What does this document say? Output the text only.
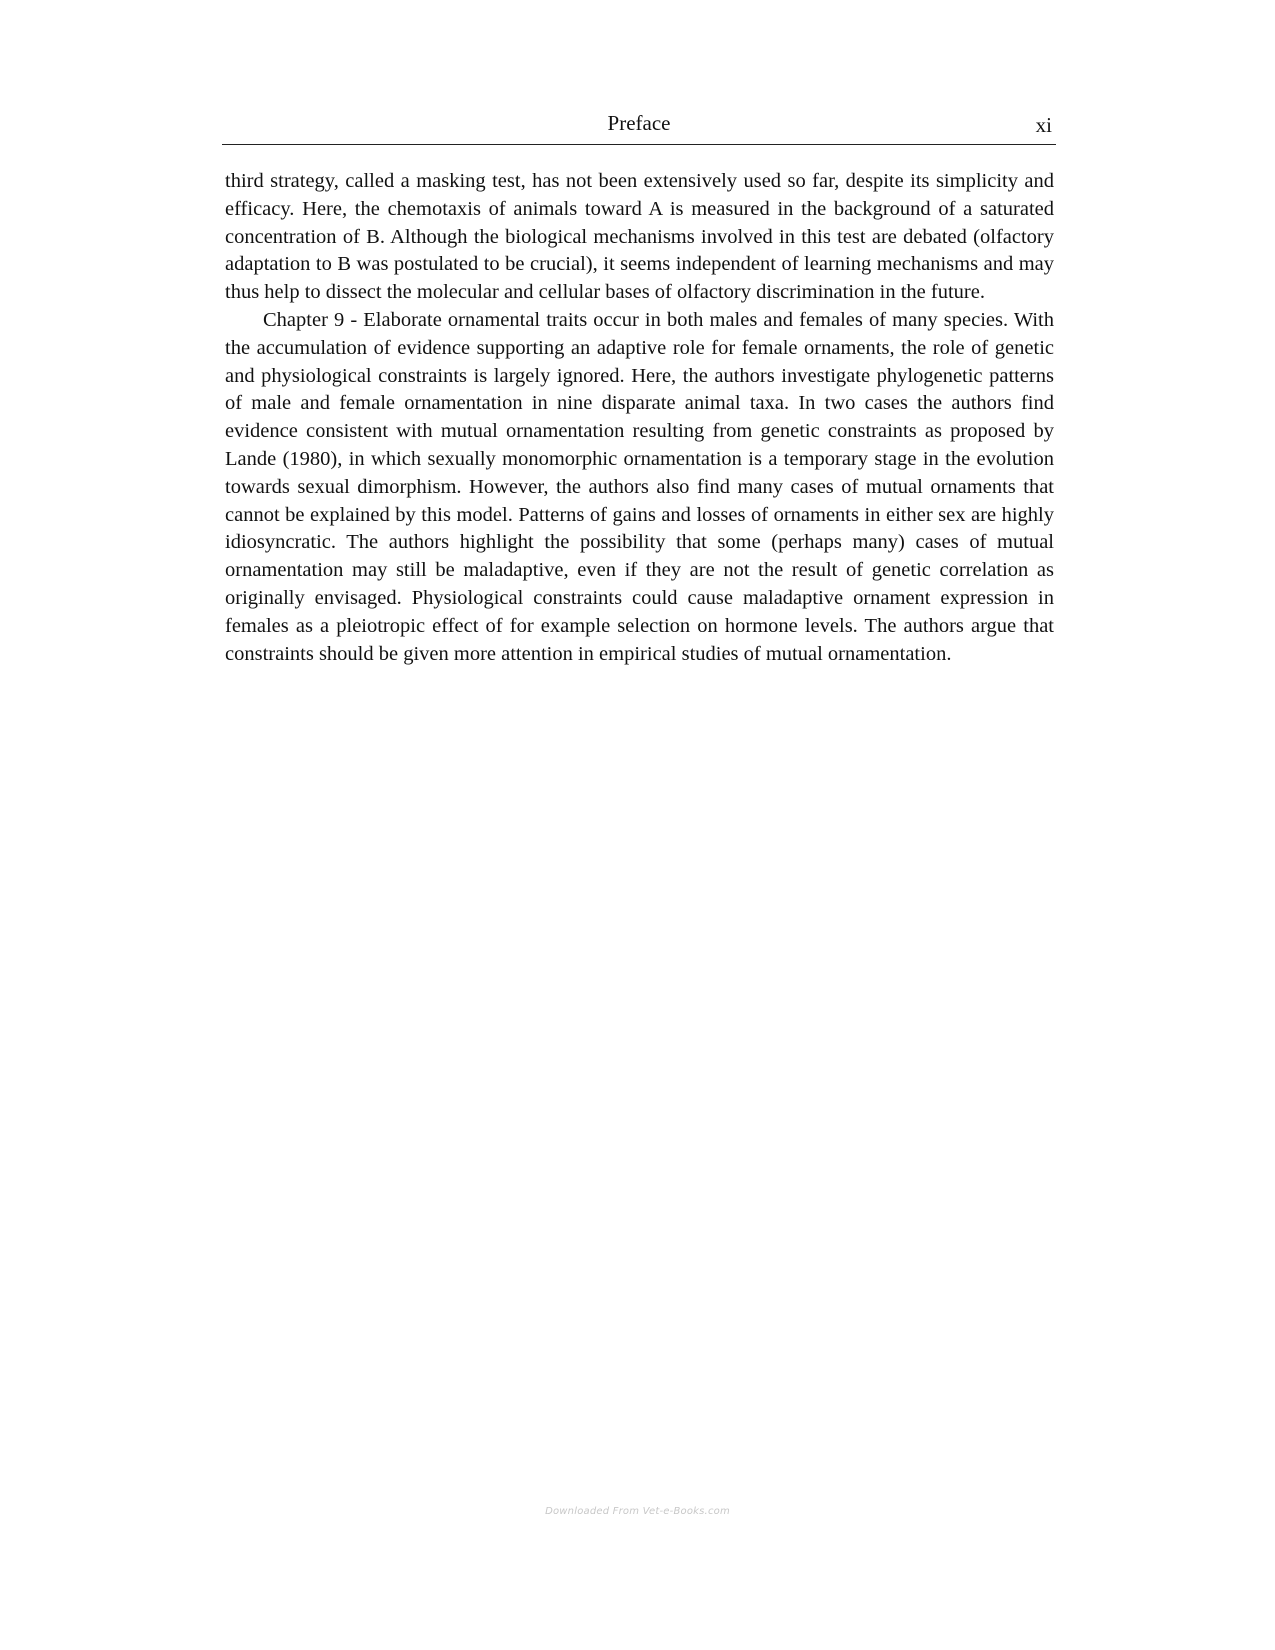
Preface	xi

third strategy, called a masking test, has not been extensively used so far, despite its simplicity and efficacy. Here, the chemotaxis of animals toward A is measured in the background of a saturated concentration of B. Although the biological mechanisms involved in this test are debated (olfactory adaptation to B was postulated to be crucial), it seems independent of learning mechanisms and may thus help to dissect the molecular and cellular bases of olfactory discrimination in the future.

Chapter 9 - Elaborate ornamental traits occur in both males and females of many species. With the accumulation of evidence supporting an adaptive role for female ornaments, the role of genetic and physiological constraints is largely ignored. Here, the authors investigate phylogenetic patterns of male and female ornamentation in nine disparate animal taxa. In two cases the authors find evidence consistent with mutual ornamentation resulting from genetic constraints as proposed by Lande (1980), in which sexually monomorphic ornamentation is a temporary stage in the evolution towards sexual dimorphism. However, the authors also find many cases of mutual ornaments that cannot be explained by this model. Patterns of gains and losses of ornaments in either sex are highly idiosyncratic. The authors highlight the possibility that some (perhaps many) cases of mutual ornamentation may still be maladaptive, even if they are not the result of genetic correlation as originally envisaged. Physiological constraints could cause maladaptive ornament expression in females as a pleiotropic effect of for example selection on hormone levels. The authors argue that constraints should be given more attention in empirical studies of mutual ornamentation.

Downloaded From Vet-e-Books.com
